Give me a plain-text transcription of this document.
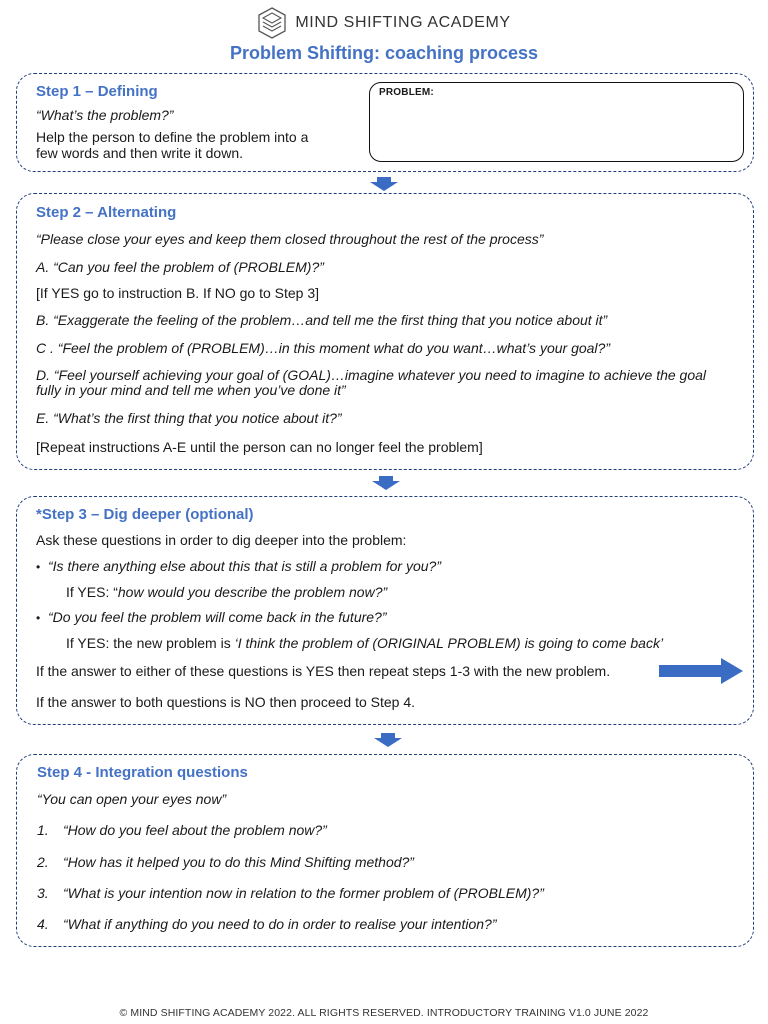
MIND SHIFTING ACADEMY
Problem Shifting: coaching process
Step 1 – Defining
“What’s the problem?”
Help the person to define the problem into a few words and then write it down.
PROBLEM:
Step 2 – Alternating
“Please close your eyes and keep them closed throughout the rest of the process”
A. “Can you feel the problem of (PROBLEM)?”
[If YES go to instruction B. If NO go to Step 3]
B. “Exaggerate the feeling of the problem…and tell me the first thing that you notice about it”
C . “Feel the problem of (PROBLEM)…in this moment what do you want…what’s your goal?”
D. “Feel yourself achieving your goal of (GOAL)…imagine whatever you need to imagine to achieve the goal fully in your mind and tell me when you’ve done it”
E. “What’s the first thing that you notice about it?”
[Repeat instructions A-E until the person can no longer feel the problem]
*Step 3 – Dig deeper (optional)
Ask these questions in order to dig deeper into the problem:
• “Is there anything else about this that is still a problem for you?”
If YES: “how would you describe the problem now?”
• “Do you feel the problem will come back in the future?”
If YES: the new problem is ‘I think the problem of (ORIGINAL PROBLEM) is going to come back’
If the answer to either of these questions is YES then repeat steps 1-3 with the new problem.
If the answer to both questions is NO then proceed to Step 4.
Step 4 - Integration questions
“You can open your eyes now”
1. “How do you feel about the problem now?”
2. “How has it helped you to do this Mind Shifting method?”
3. “What is your intention now in relation to the former problem of (PROBLEM)?”
4. “What if anything do you need to do in order to realise your intention?”
© MIND SHIFTING ACADEMY 2022. ALL RIGHTS RESERVED. INTRODUCTORY TRAINING V1.0 JUNE 2022
